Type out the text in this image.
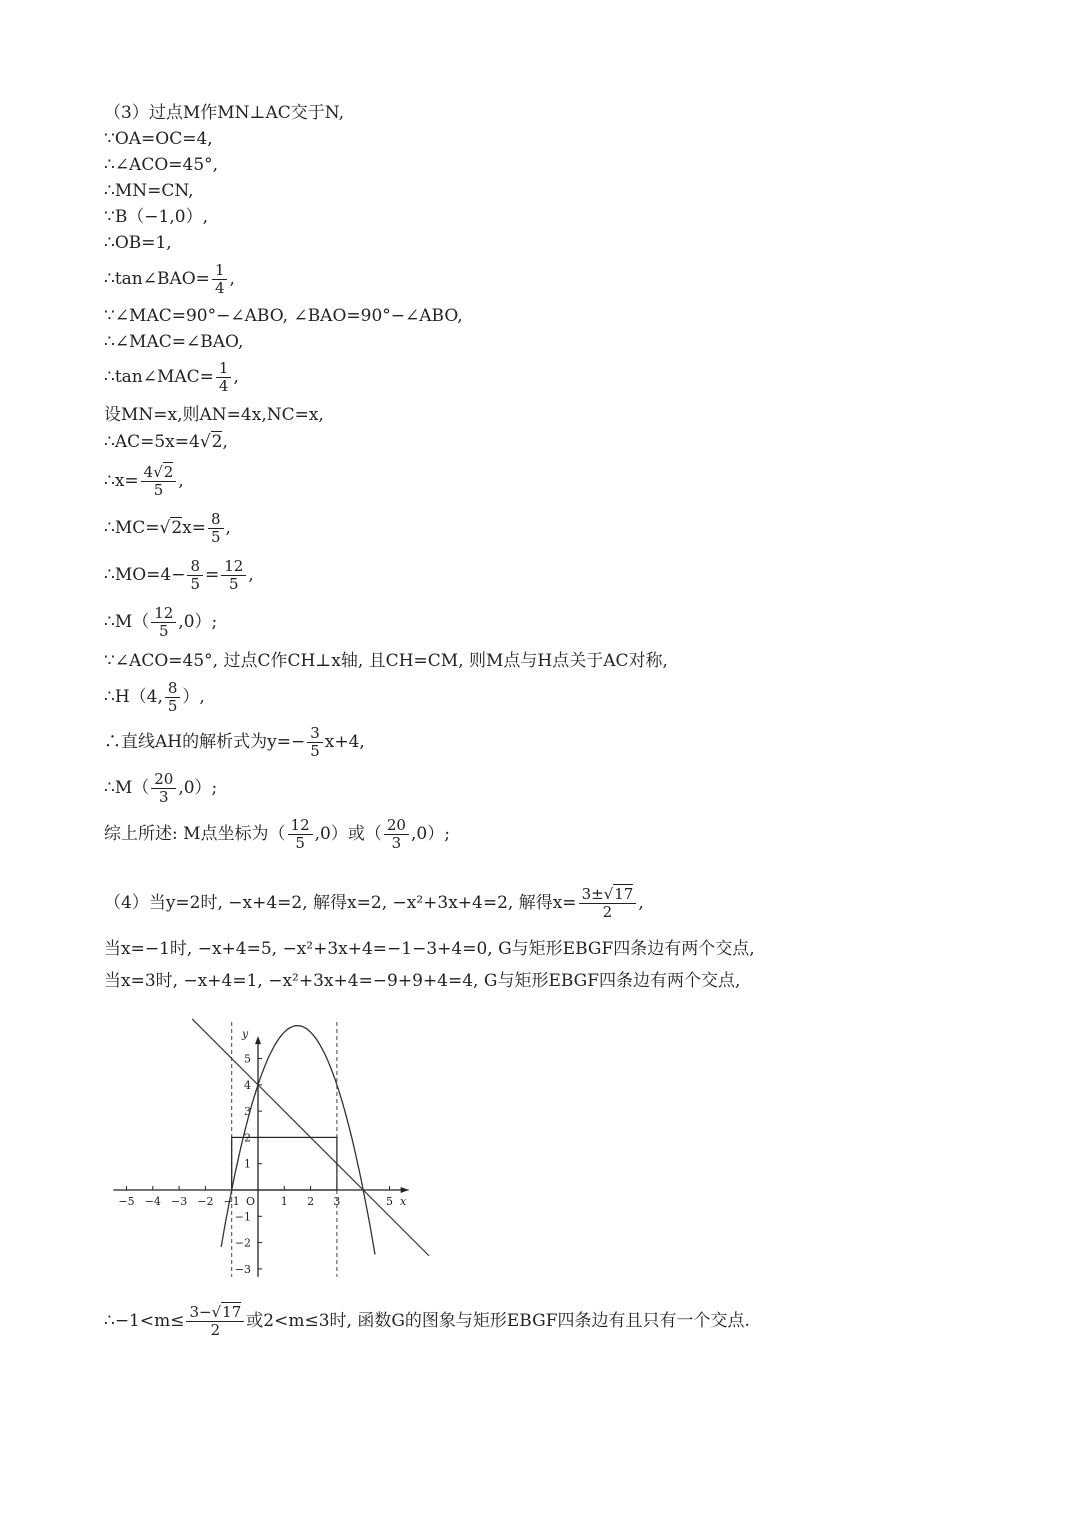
（3）过点M作MN⊥AC交于N,
∵OA=OC=4,
∴∠ACO=45°,
∴MN=CN,
∵B（−1,0）,
∴OB=1,
∴tan∠BAO= $\frac{1}{4}$ ,
∵∠MAC=90°−∠ABO, ∠BAO=90°−∠ABO,
∴∠MAC=∠BAO,
∴tan∠MAC= $\frac{1}{4}$ ,
设MN=x,则AN=4x,NC=x,
∴AC=5x=4√2,
∴x= $\frac{4√2}{5}$ ,
∴MC=√2x= $\frac{8}{5}$ ,
∴MO=4− $\frac{8}{5} = \frac{12}{5}$ ,
∴M（ $\frac{12}{5} ,0$）;
∵∠ACO=45°, 过点C作CH⊥x轴, 且CH=CM, 则M点与H点关于AC对称,
∴H（4, $\frac{8}{5}$ ）,
∴直线AH的解析式为$y=- \frac{3}{5} x+4$,
∴M（ $\frac{20}{3} ,0$）;
综上所述: M点坐标为（ $\frac{12}{5} ,0$）或（ $\frac{20}{3} ,0$）;
（4）当y=2时, −x+4=2, 解得x=2, −x²+3x+4=2, 解得$x= \frac{3\pm√17}{2}$ ,
当x=−1时, −x+4=5, −x²+3x+4=−1−3+4=0, G与矩形EBGF四条边有两个交点,
当x=3时, −x+4=1, −x²+3x+4=−9+9+4=4, G与矩形EBGF四条边有两个交点,
−5 −4 −3 −2 −1	1 2 3	5
5
4
3
2
1
−1
−2
−3
O	x
y
∴−1<m≤ $\frac{3-√17}{2}$ 或2<m≤3时, 函数G的图象与矩形EBGF四条边有且只有一个交点.
